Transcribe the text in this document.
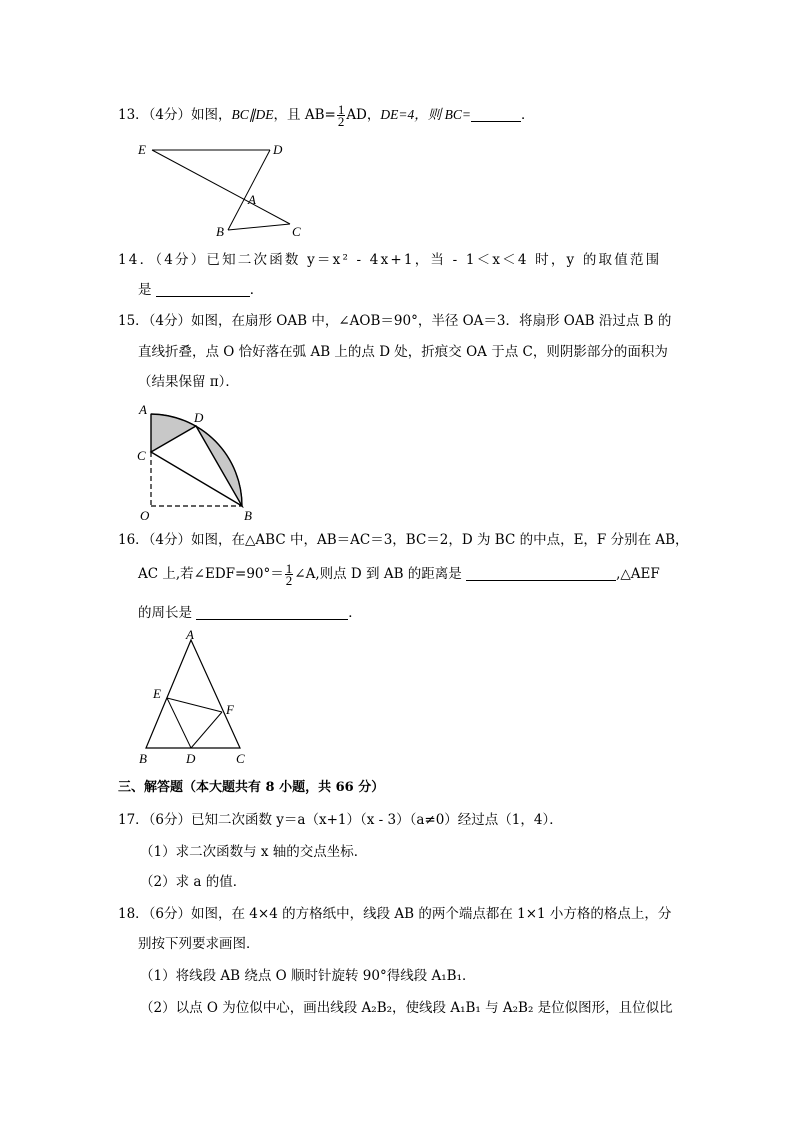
13．（4分）如图，BC∥DE，且 $AB= \frac{1}{2}$ AD，DE=4，则 BC=	．
E	D
A
B	C
14．（4分）已知二次函数 y＝x² - 4x+1，当 - 1＜x＜4 时，y 的取值范围
是	．
15．（4分）如图，在扇形 OAB 中，∠AOB＝90°，半径 OA＝3．将扇形 OAB 沿过点 B 的
直线折叠，点 O 恰好落在弧 AB 上的点 D 处，折痕交 OA 于点 C，则阴影部分的面积为
（结果保留 π）．
A
D
C
O	B
16．（4分）如图，在△ABC 中，AB＝AC＝3，BC＝2，D 为 BC 的中点，E，F 分别在 AB，
AC 上,若∠EDF=90°＝ $\frac{1}{2}$ ∠A,则点 D 到 AB 的距离是	,△AEF
的周长是	．
A
E
F
B	D	C
三、解答题（本大题共有 8 小题，共 66 分）
17．（6分）已知二次函数 y＝a（x+1）（x - 3）（a≠0）经过点（1，4）．
（1）求二次函数与 x 轴的交点坐标．
（2）求 a 的值．
18．（6分）如图，在 4×4 的方格纸中，线段 AB 的两个端点都在 1×1 小方格的格点上，分
别按下列要求画图．
（1）将线段 AB 绕点 O 顺时针旋转 90°得线段 A₁B₁．
（2）以点 O 为位似中心，画出线段 A₂B₂，使线段 A₁B₁ 与 A₂B₂ 是位似图形，且位似比
